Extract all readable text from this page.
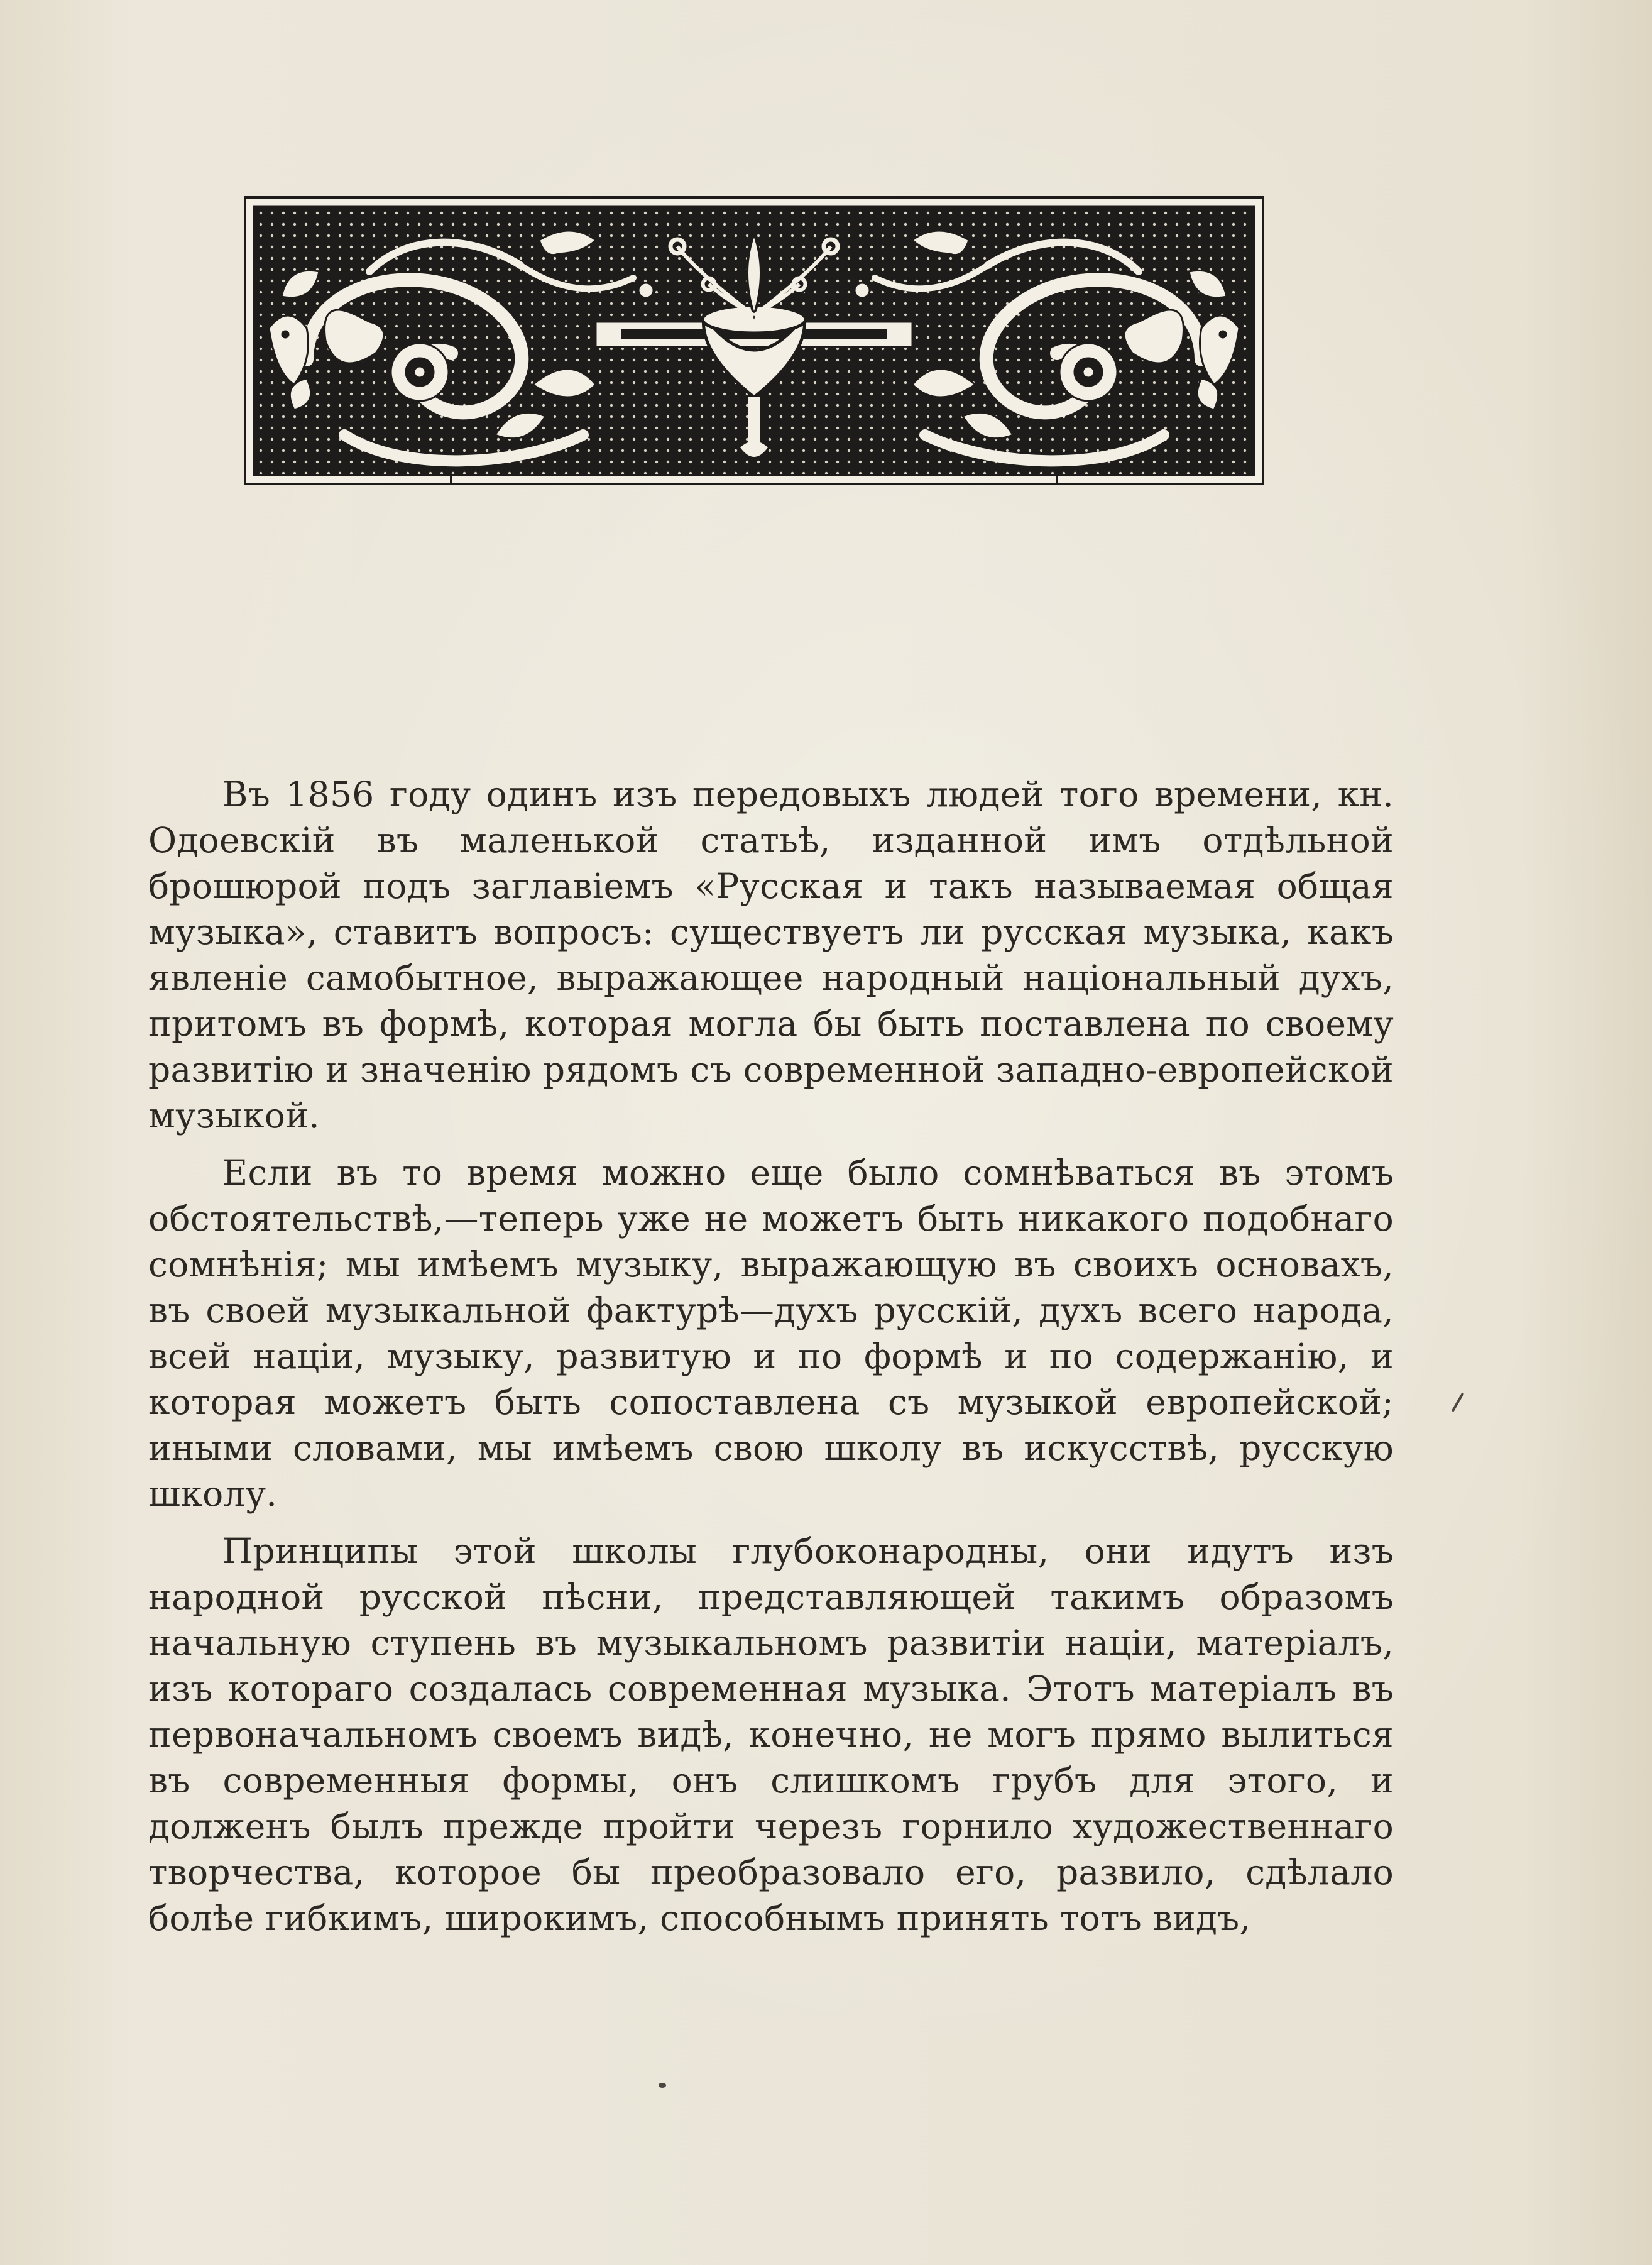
Въ 1856 году одинъ изъ передовыхъ людей того времени, кн. Одоевскій въ маленькой статьѣ, изданной имъ отдѣльной брошюрой подъ заглавіемъ «Русская и такъ называемая общая музыка», ставитъ вопросъ: существуетъ ли русская музыка, какъ явленіе самобытное, выражающее народный національный духъ, притомъ въ формѣ, которая могла бы быть поставлена по своему развитію и значенію рядомъ съ современной западно-европейской музыкой.

Если въ то время можно еще было сомнѣваться въ этомъ обстоятельствѣ,—теперь уже не можетъ быть никакого подобнаго сомнѣнія; мы имѣемъ музыку, выражающую въ своихъ основахъ, въ своей музыкальной фактурѣ—духъ русскій, духъ всего народа, всей націи, музыку, развитую и по формѣ и по содержанію, и которая можетъ быть сопоставлена съ музыкой европейской; иными словами, мы имѣемъ свою школу въ искусствѣ, русскую школу.

Принципы этой школы глубоконародны, они идутъ изъ народной русской пѣсни, представляющей такимъ образомъ начальную ступень въ музыкальномъ развитіи націи, матеріалъ, изъ котораго создалась современная музыка. Этотъ матеріалъ въ первоначальномъ своемъ видѣ, конечно, не могъ прямо вылиться въ современныя формы, онъ слишкомъ грубъ для этого, и долженъ былъ прежде пройти черезъ горнило художественнаго творчества, которое бы преобразовало его, развило, сдѣлало болѣе гибкимъ, широкимъ, способнымъ принять тотъ видъ,
